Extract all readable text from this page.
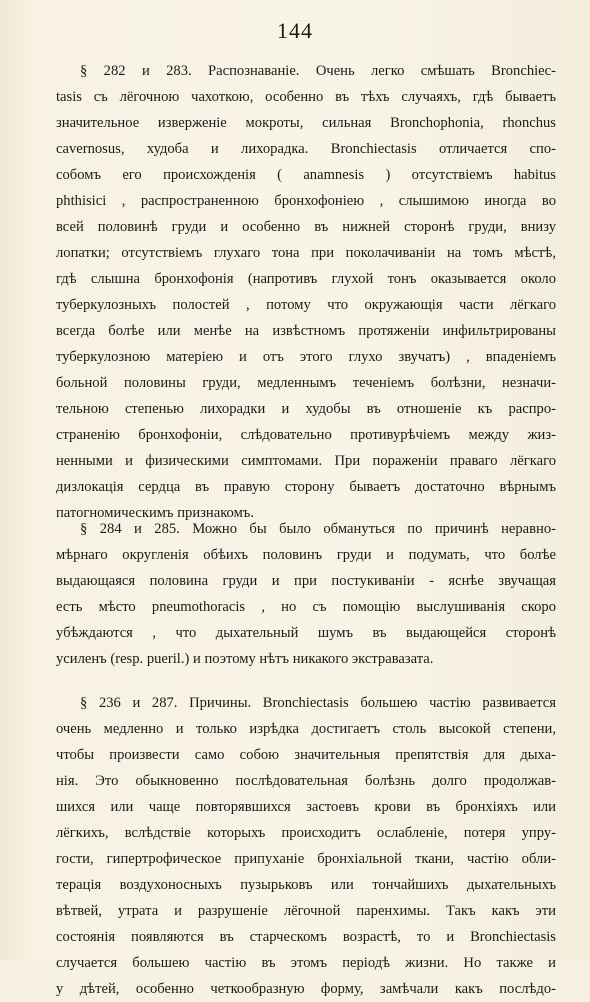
144
§ 282 и 283. Распознаваніе. Очень легко смѣшать Bronchiec-
tasis съ лёгочною чахоткою, особенно въ тѣхъ случаяхъ, гдѣ бываетъ
значительное изверженіе мокроты, сильная Bronchophonia, rhonchus
cavernosus, худоба и лихорадка. Bronchiectasis отличается спо-
собомъ его происхожденія ( anamnesis ) отсутствіемъ habitus
phthisici , распространенною бронхофоніею , слышимою иногда во
всей половинѣ груди и особенно въ нижней сторонѣ груди, внизу
лопатки; отсутствіемъ глухаго тона при поколачиваніи на томъ мѣстѣ,
гдѣ слышна бронхофонія (напротивъ глухой тонъ оказывается около
туберкулозныхъ полостей , потому что окружающія части лёгкаго
всегда болѣе или менѣе на извѣстномъ протяженіи инфильтрированы
туберкулозною матеріею и отъ этого глухо звучатъ) , впаденіемъ
больной половины груди, медленнымъ теченіемъ болѣзни, незначи-
тельною степенью лихорадки и худобы въ отношеніе къ распро-
страненію бронхофоніи, слѣдовательно противурѣчіемъ между жиз-
ненными и физическими симптомами. При пораженіи праваго лёгкаго
дизлокація сердца въ правую сторону бываетъ достаточно вѣрнымъ
патогномическимъ признакомъ.
§ 284 и 285. Можно бы было обмануться по причинѣ неравно-
мѣрнаго округленія обѣихъ половинъ груди и подумать, что болѣе
выдающаяся половина груди и при постукиваніи - яснѣе звучащая
есть мѣсто pneumothoracis , но съ помощію выслушиванія скоро
убѣждаются , что дыхательный шумъ въ выдающейся сторонѣ
усиленъ (resp. pueril.) и поэтому нѣтъ никакого экстравазата.
§ 236 и 287. Причины. Bronchiectasis большею частію развивается
очень медленно и только изрѣдка достигаетъ столь высокой степени,
чтобы произвести само собою значительныя препятствія для дыха-
нія. Это обыкновенно послѣдовательная болѣзнь долго продолжав-
шихся или чаще повторявшихся застоевъ крови въ бронхіяхъ или
лёгкихъ, вслѣдствіе которыхъ происходитъ ослабленіе, потеря упру-
гости, гипертрофическое припуханіе бронхіальной ткани, частію обли-
терація воздухоносныхъ пузырьковъ или тончайшихъ дыхательныхъ
вѣтвей, утрата и разрушеніе лёгочной паренхимы. Такъ какъ эти
состоянія появляются въ старческомъ возрастѣ, то и Bronchiectasis
случается большею частію въ этомъ періодѣ жизни. Но также и
у дѣтей, особенно четкообразную форму, замѣчали какъ послѣдо-
